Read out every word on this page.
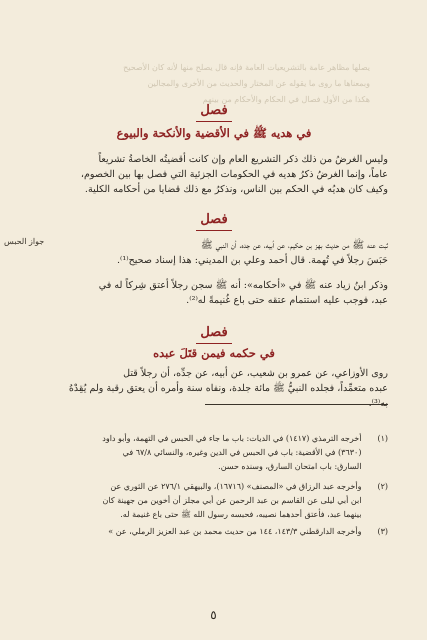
يصلها مظاهر عامة بالتشريعيات العامة فإنه قال يصلح منها لأنه كان الأصحيح
وبمعناها ما روى ما يقوله عن المختار والحديث من الأخرى والمجالين
هكذا من الأول فصال في الحكام والأحكام من بينهم
فصل
في هديه ﷺ في الأقضية والأنكحة والبيوع
وليس الغرضُ من ذلك ذكر التشريع العام وإن كانت أقضيتُه الخاصةُ تشريعاً
عاماً، وإنما الغرضُ ذكرُ هديه في الحكومات الجزئية التي فصل بها بين الخصوم،
وكيف كان هديُه في الحكم بين الناس، ونذكرُ مع ذلك قضايا من أحكامه الكلية.
فصل
جواز الحبس	ثبت عنه ﷺ من حديث بهز بن حكيم، عن أبيه، عن جده، أن النبي ﷺ
حَبَسَ رجلاً في تُهمة. قال أحمد وعلي بن المديني: هذا إسناد صحيح⁽¹⁾.
وذكر ابنُ زياد عنه ﷺ في «أحكامه»: أنه ﷺ سجن رجلاً أعتق شِركاً له في
عبد، فوجب عليه استتمام عتقه حتى باع غُنيمةً له⁽²⁾.
فصل
في حكمه فيمن قتَلَ عبده
روى الأوزاعي، عن عمرو بن شعيب، عن أبيه، عن جدِّه، أن رجلاً قتل
عبده متعمِّداً، فجلده النبيُّ ﷺ مائة جلدة، ونفاه سنة وأمره أن يعتق رقبة ولم يُقِدْهُ
(١) أخرجه الترمذي (١٤١٧) في الديات: باب ما جاء في الحبس في التهمة، وأبو داود
(٣٦٣٠) في الأقضية: باب في الحبس في الدين وغيره، والنسائي ٦٧/٨ في
السارق: باب امتحان السارق، وسنده حسن.
(٢) وأخرجه عبد الرزاق في «المصنف» (١٦٧١٦)، والبيهقي ٢٧٦/١ عن الثوري عن
ابن أبي ليلى عن القاسم بن عبد الرحمن عن أبي مجلز أن أخوين من جهينة كان
بينهما عبد، فأعتق أحدهما نصيبه، فحبسه رسول الله ﷺ حتى باع غنيمة له.
(٣) وأخرجه الدارقطني ١٤٣/٣، ١٤٤ من حديث محمد بن عبد العزيز الرملي، عن »
٥
